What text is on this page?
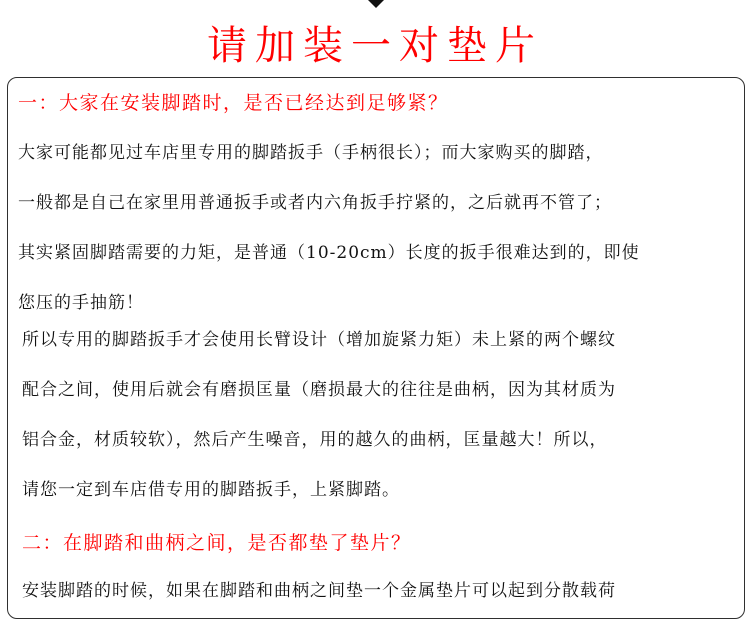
请加装一对垫片
一：大家在安装脚踏时，是否已经达到足够紧？
大家可能都见过车店里专用的脚踏扳手（手柄很长）；而大家购买的脚踏，
一般都是自己在家里用普通扳手或者内六角扳手拧紧的，之后就再不管了；
其实紧固脚踏需要的力矩，是普通（10-20cm）长度的扳手很难达到的，即使
您压的手抽筋！
所以专用的脚踏扳手才会使用长臂设计（增加旋紧力矩）未上紧的两个螺纹
配合之间，使用后就会有磨损匡量（磨损最大的往往是曲柄，因为其材质为
铝合金，材质较软），然后产生噪音，用的越久的曲柄，匡量越大！所以，
请您一定到车店借专用的脚踏扳手，上紧脚踏。
二：在脚踏和曲柄之间，是否都垫了垫片？
安装脚踏的时候，如果在脚踏和曲柄之间垫一个金属垫片可以起到分散载荷
